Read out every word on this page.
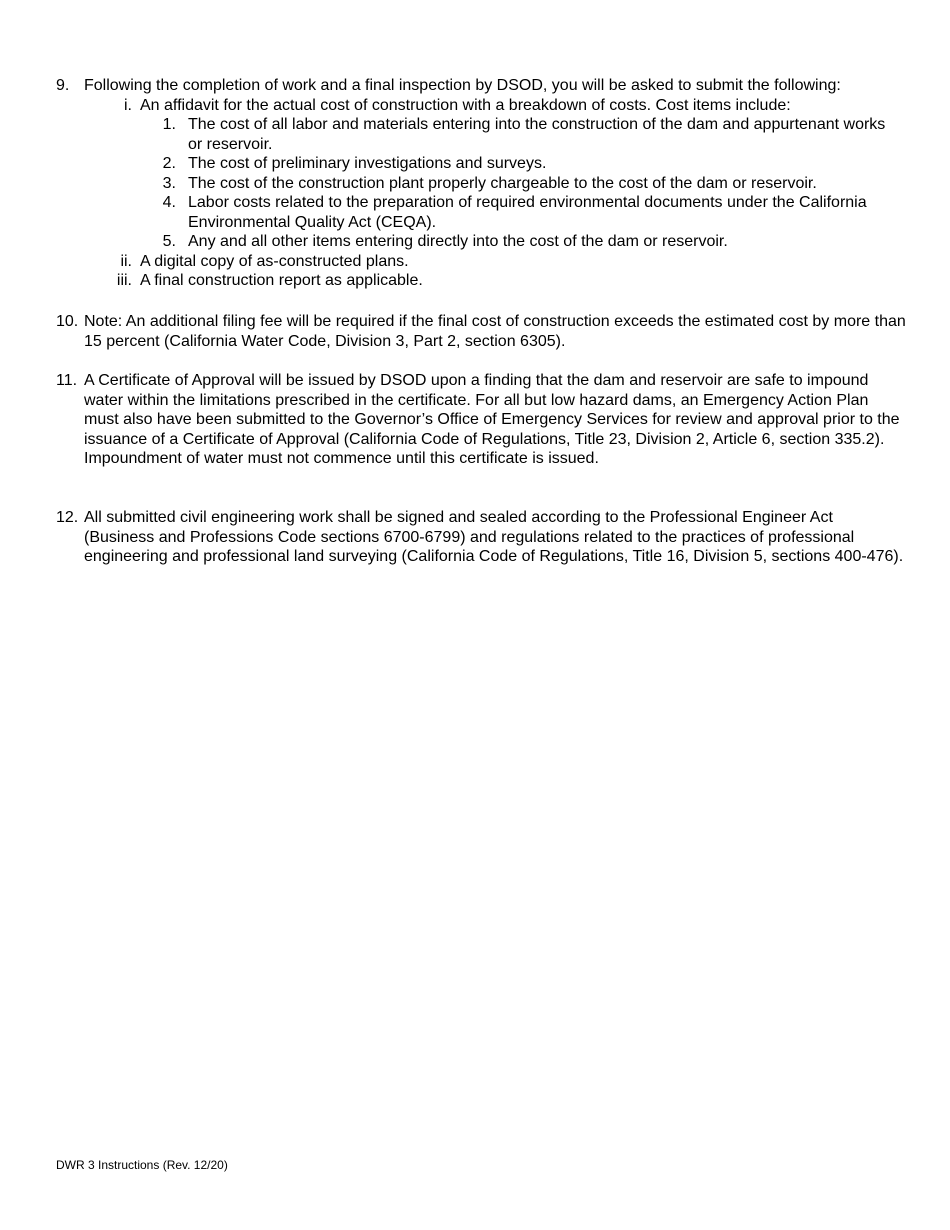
9. Following the completion of work and a final inspection by DSOD, you will be asked to submit the following:
i. An affidavit for the actual cost of construction with a breakdown of costs. Cost items include:
1. The cost of all labor and materials entering into the construction of the dam and appurtenant works or reservoir.
2. The cost of preliminary investigations and surveys.
3. The cost of the construction plant properly chargeable to the cost of the dam or reservoir.
4. Labor costs related to the preparation of required environmental documents under the California Environmental Quality Act (CEQA).
5. Any and all other items entering directly into the cost of the dam or reservoir.
ii. A digital copy of as-constructed plans.
iii. A final construction report as applicable.
10. Note: An additional filing fee will be required if the final cost of construction exceeds the estimated cost by more than 15 percent (California Water Code, Division 3, Part 2, section 6305).
11. A Certificate of Approval will be issued by DSOD upon a finding that the dam and reservoir are safe to impound water within the limitations prescribed in the certificate. For all but low hazard dams, an Emergency Action Plan must also have been submitted to the Governor’s Office of Emergency Services for review and approval prior to the issuance of a Certificate of Approval (California Code of Regulations, Title 23, Division 2, Article 6, section 335.2). Impoundment of water must not commence until this certificate is issued.
12. All submitted civil engineering work shall be signed and sealed according to the Professional Engineer Act (Business and Professions Code sections 6700-6799) and regulations related to the practices of professional engineering and professional land surveying (California Code of Regulations, Title 16, Division 5, sections 400-476).
DWR 3 Instructions (Rev. 12/20)
